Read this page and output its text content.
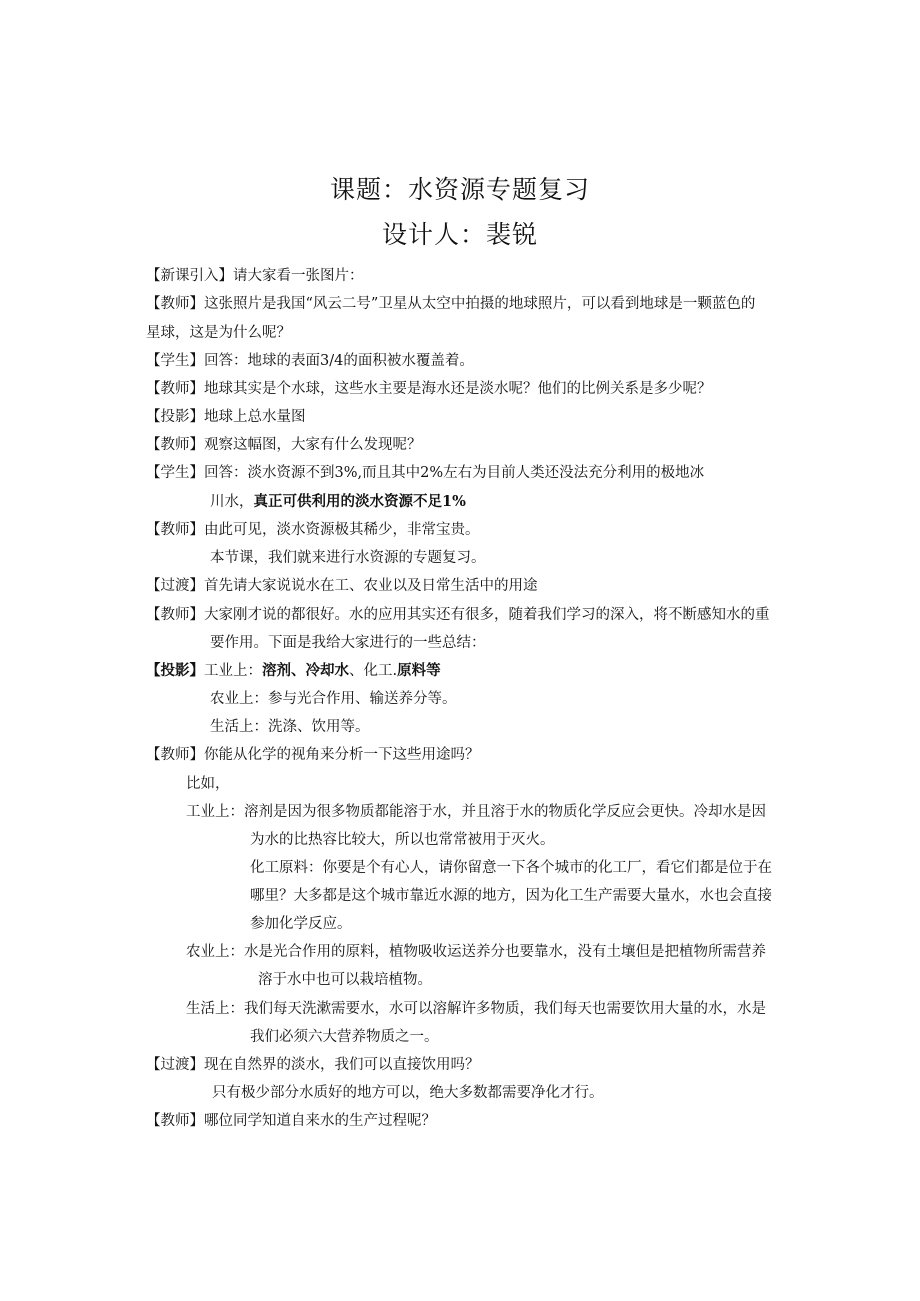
课题：水资源专题复习
设计人：裴锐
【新课引入】请大家看一张图片：
【教师】这张照片是我国“风云二号”卫星从太空中拍摄的地球照片，可以看到地球是一颗蓝色的
星球，这是为什么呢？
【学生】回答：地球的表面3/4的面积被水覆盖着。
【教师】地球其实是个水球，这些水主要是海水还是淡水呢？他们的比例关系是多少呢？
【投影】地球上总水量图
【教师】观察这幅图，大家有什么发现呢？
【学生】回答：淡水资源不到3%,而且其中2%左右为目前人类还没法充分利用的极地冰
川水，真正可供利用的淡水资源不足1%
【教师】由此可见，淡水资源极其稀少，非常宝贵。
本节课，我们就来进行水资源的专题复习。
【过渡】首先请大家说说水在工、农业以及日常生活中的用途
【教师】大家刚才说的都很好。水的应用其实还有很多，随着我们学习的深入，将不断感知水的重
要作用。下面是我给大家进行的一些总结：
【投影】工业上：溶剂、冷却水、化工.原料等
农业上：参与光合作用、输送养分等。
生活上：洗涤、饮用等。
【教师】你能从化学的视角来分析一下这些用途吗？
比如，
工业上：溶剂是因为很多物质都能溶于水，并且溶于水的物质化学反应会更快。冷却水是因
为水的比热容比较大，所以也常常被用于灭火。
化工原料：你要是个有心人，请你留意一下各个城市的化工厂，看它们都是位于在
哪里？大多都是这个城市靠近水源的地方，因为化工生产需要大量水，水也会直接
参加化学反应。
农业上：水是光合作用的原料，植物吸收运送养分也要靠水，没有土壤但是把植物所需营养
溶于水中也可以栽培植物。
生活上：我们每天洗漱需要水，水可以溶解许多物质，我们每天也需要饮用大量的水，水是
我们必须六大营养物质之一。
【过渡】现在自然界的淡水，我们可以直接饮用吗？
只有极少部分水质好的地方可以，绝大多数都需要净化才行。
【教师】哪位同学知道自来水的生产过程呢？
